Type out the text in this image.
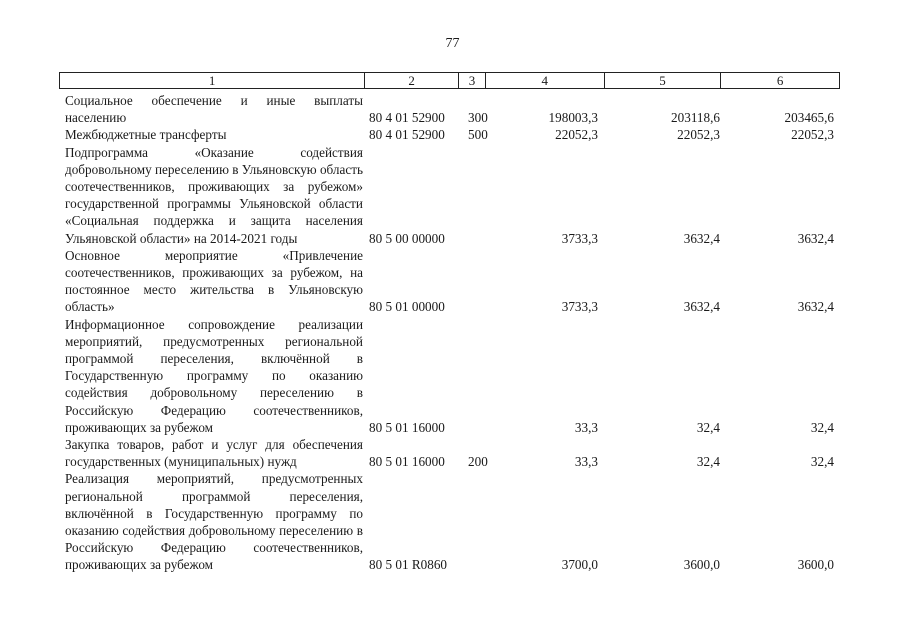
77
1	2	3	4	5	6
Социальное обеспечение и иные выплаты населению	80 4 01 52900 300	198003,3	203118,6	203465,6
Межбюджетные трансферты	80 4 01 52900 500	22052,3	22052,3	22052,3
Подпрограмма «Оказание содействия добровольному переселению в Ульяновскую область соотечественников, проживающих за рубежом» государственной программы Ульяновской области «Социальная поддержка и защита населения Ульяновской области» на 2014-2021 годы	80 5 00 00000	3733,3	3632,4	3632,4
Основное мероприятие «Привлечение соотечественников, проживающих за рубежом, на постоянное место жительства в Ульяновскую область»	80 5 01 00000	3733,3	3632,4	3632,4
Информационное сопровождение реализации мероприятий, предусмотренных региональной программой переселения, включённой в Государственную программу по оказанию содействия добровольному переселению в Российскую Федерацию соотечественников, проживающих за рубежом	80 5 01 16000	33,3	32,4	32,4
Закупка товаров, работ и услуг для обеспечения государственных (муниципальных) нужд	80 5 01 16000 200	33,3	32,4	32,4
Реализация мероприятий, предусмотренных региональной программой переселения, включённой в Государственную программу по оказанию содействия добровольному переселению в Российскую Федерацию соотечественников, проживающих за рубежом	80 5 01 R0860	3700,0	3600,0	3600,0
